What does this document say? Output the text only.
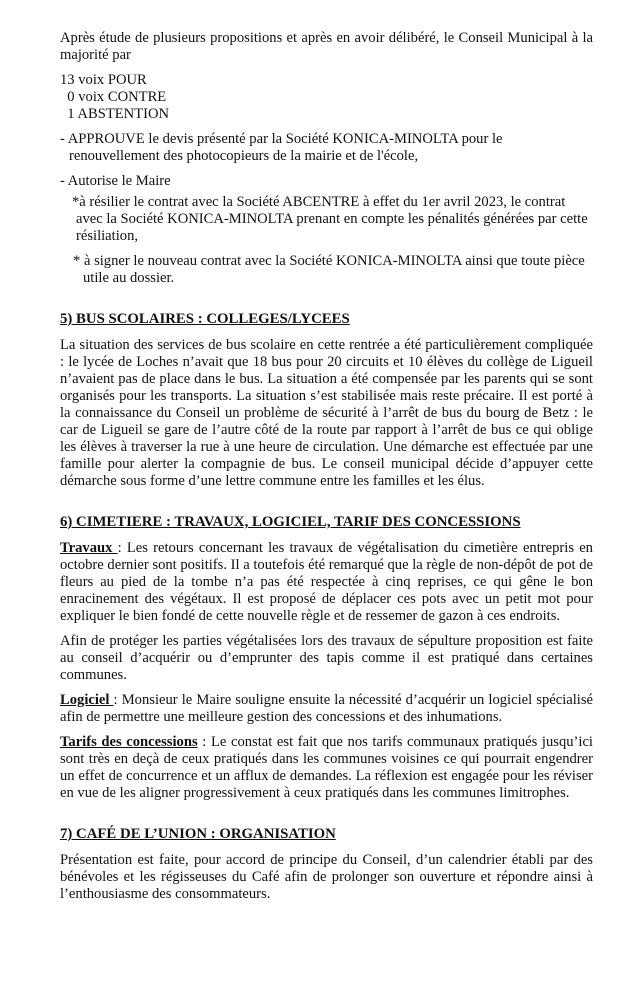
Après étude de plusieurs propositions et après en avoir délibéré, le Conseil Municipal à la majorité par

13 voix POUR
0 voix CONTRE
1 ABSTENTION

- APPROUVE le devis présenté par la Société KONICA-MINOLTA pour le renouvellement des photocopieurs de la mairie et de l'école,

- Autorise le Maire

*à résilier le contrat avec la Société ABCENTRE à effet du 1er avril 2023, le contrat avec la Société KONICA-MINOLTA prenant en compte les pénalités générées par cette résiliation,

* à signer le nouveau contrat avec la Société KONICA-MINOLTA ainsi que toute pièce utile au dossier.

5) BUS SCOLAIRES : COLLEGES/LYCEES

La situation des services de bus scolaire en cette rentrée a été particulièrement compliquée : le lycée de Loches n’avait que 18 bus pour 20 circuits et 10 élèves du collège de Ligueil n’avaient pas de place dans le bus. La situation a été compensée par les parents qui se sont organisés pour les transports. La situation s’est stabilisée mais reste précaire. Il est porté à la connaissance du Conseil un problème de sécurité à l’arrêt de bus du bourg de Betz : le car de Ligueil se gare de l’autre côté de la route par rapport à l’arrêt de bus ce qui oblige les élèves à traverser la rue à une heure de circulation. Une démarche est effectuée par une famille pour alerter la compagnie de bus. Le conseil municipal décide d’appuyer cette démarche sous forme d’une lettre commune entre les familles et les élus.

6) CIMETIERE : TRAVAUX, LOGICIEL, TARIF DES CONCESSIONS

Travaux : Les retours concernant les travaux de végétalisation du cimetière entrepris en octobre dernier sont positifs. Il a toutefois été remarqué que la règle de non-dépôt de pot de fleurs au pied de la tombe n’a pas été respectée à cinq reprises, ce qui gêne le bon enracinement des végétaux. Il est proposé de déplacer ces pots avec un petit mot pour expliquer le bien fondé de cette nouvelle règle et de ressemer de gazon à ces endroits.

Afin de protéger les parties végétalisées lors des travaux de sépulture proposition est faite au conseil d’acquérir ou d’emprunter des tapis comme il est pratiqué dans certaines communes.

Logiciel : Monsieur le Maire souligne ensuite la nécessité d’acquérir un logiciel spécialisé afin de permettre une meilleure gestion des concessions et des inhumations.

Tarifs des concessions : Le constat est fait que nos tarifs communaux pratiqués jusqu’ici sont très en deçà de ceux pratiqués dans les communes voisines ce qui pourrait engendrer un effet de concurrence et un afflux de demandes. La réflexion est engagée pour les réviser en vue de les aligner progressivement à ceux pratiqués dans les communes limitrophes.

7) CAFÉ DE L’UNION : ORGANISATION

Présentation est faite, pour accord de principe du Conseil, d’un calendrier établi par des bénévoles et les régisseuses du Café afin de prolonger son ouverture et répondre ainsi à l’enthousiasme des consommateurs.
